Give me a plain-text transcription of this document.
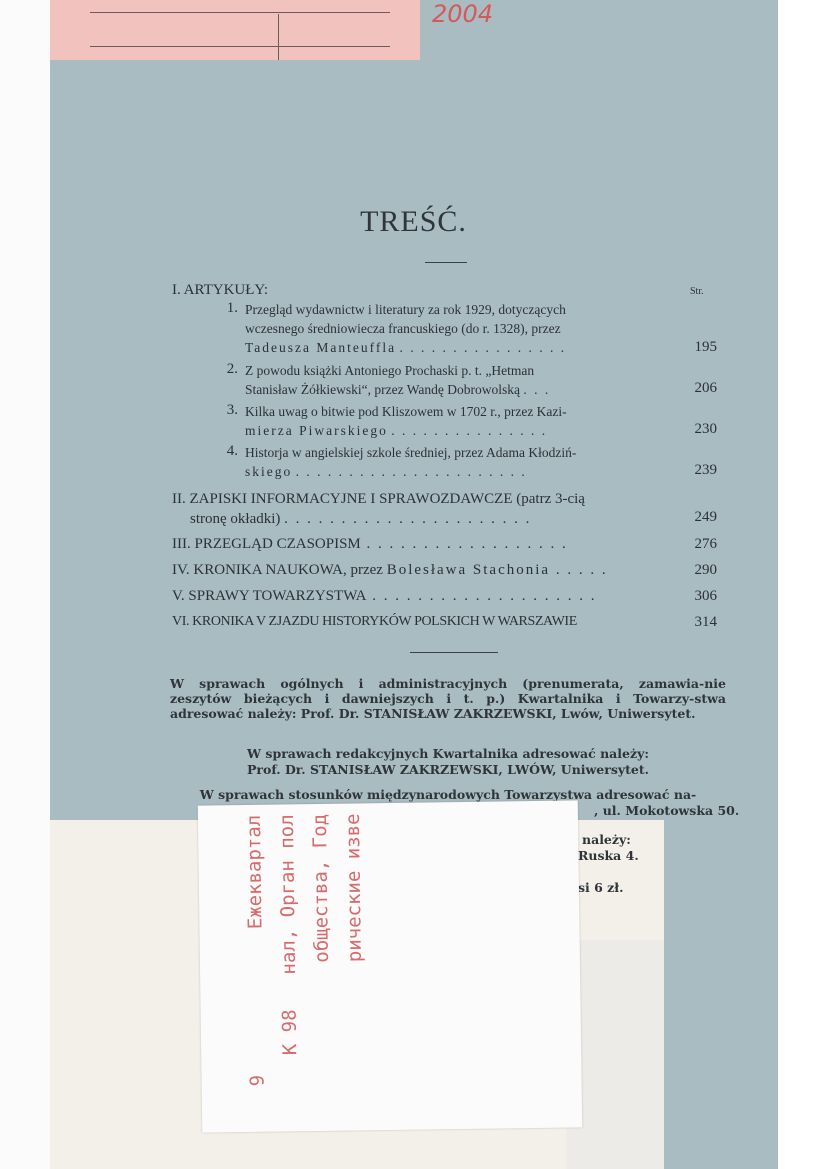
2004
TREŚĆ.
Str.
I. ARTYKUŁY:
1. Przegląd wydawnictw i literatury za rok 1929, dotyczących
wczesnego średniowiecza francuskiego (do r. 1328), przez
Tadeusza Manteuffla . . . . . . . . . . . . . . . .	195
2. Z powodu książki Antoniego Prochaski p. t. „Hetman
Stanisław Żółkiewski“, przez Wandę Dobrowolską . . .	206
3. Kilka uwag o bitwie pod Kliszowem w 1702 r., przez Kazi-
mierza Piwarskiego . . . . . . . . . . . . . . .	230
4. Historja w angielskiej szkole średniej, przez Adama Kłodziń-
skiego . . . . . . . . . . . . . . . . . . . . . .	239
II. ZAPISKI INFORMACYJNE I SPRAWOZDAWCZE (patrz 3-cią
stronę okładki) . . . . . . . . . . . . . . . . . . . . . .	249
III. PRZEGLĄD CZASOPISM . . . . . . . . . . . . . . . . . .	276
IV. KRONIKA NAUKOWA, przez Bolesława Stachonia . . . . .	290
V. SPRAWY TOWARZYSTWA . . . . . . . . . . . . . . . . . . . .	306
VI. KRONIKA V ZJAZDU HISTORYKÓW POLSKICH W WARSZAWIE	314
W sprawach ogólnych i administracyjnych (prenumerata, zamawia-nie zeszytów bieżących i dawniejszych i t. p.) Kwartalnika i Towarzy-stwa adresować należy: Prof. Dr. STANISŁAW ZAKRZEWSKI, Lwów, Uniwersytet.
W sprawach redakcyjnych Kwartalnika adresować należy:
Prof. Dr. STANISŁAW ZAKRZEWSKI, LWÓW, Uniwersytet.
W sprawach stosunków międzynarodowych Towarzystwa adresować na-
, ul. Mokotowska 50.
należy:
Ruska 4.
si 6 zł.
Ежеквартал нал, Орган пол общества, Год рические изве
К 98
9
